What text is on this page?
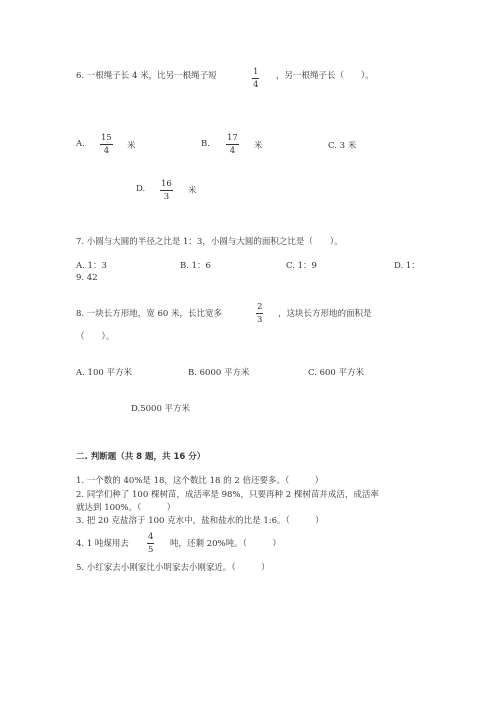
6. 一根绳子长 4 米，比另一根绳子短	1
4
，另一根绳子长（　　）。
A.
15
4 米	B.
17
4 米	C. 3 米
D. 16
3
米
7. 小圆与大圆的半径之比是 1：3，小圆与大圆的面积之比是（　　）。
A. 1：3	B. 1：6	C. 1：9	D. 1：
9. 42
8. 一块长方形地，宽 60 米，长比宽多
2
3
，这块长方形地的面积是
（　　）。
A. 100 平方米	B. 6000 平方米	C. 600 平方米
D.5000 平方米
二. 判断题（共 8 题，共 16 分）
1. 一个数的 40%是 18，这个数比 18 的 2 倍还要多。（　　　）
2. 同学们种了 100 棵树苗，成活率是 98%，只要再种 2 棵树苗并成活，成活率
就达到 100%。（　　　）
3. 把 20 克盐溶于 100 克水中，盐和盐水的比是 1:6。（　　　）
4. 1 吨煤用去
4
5
吨，还剩 20%吨。（　　　）
5. 小红家去小刚家比小明家去小刚家近。（　　　）
